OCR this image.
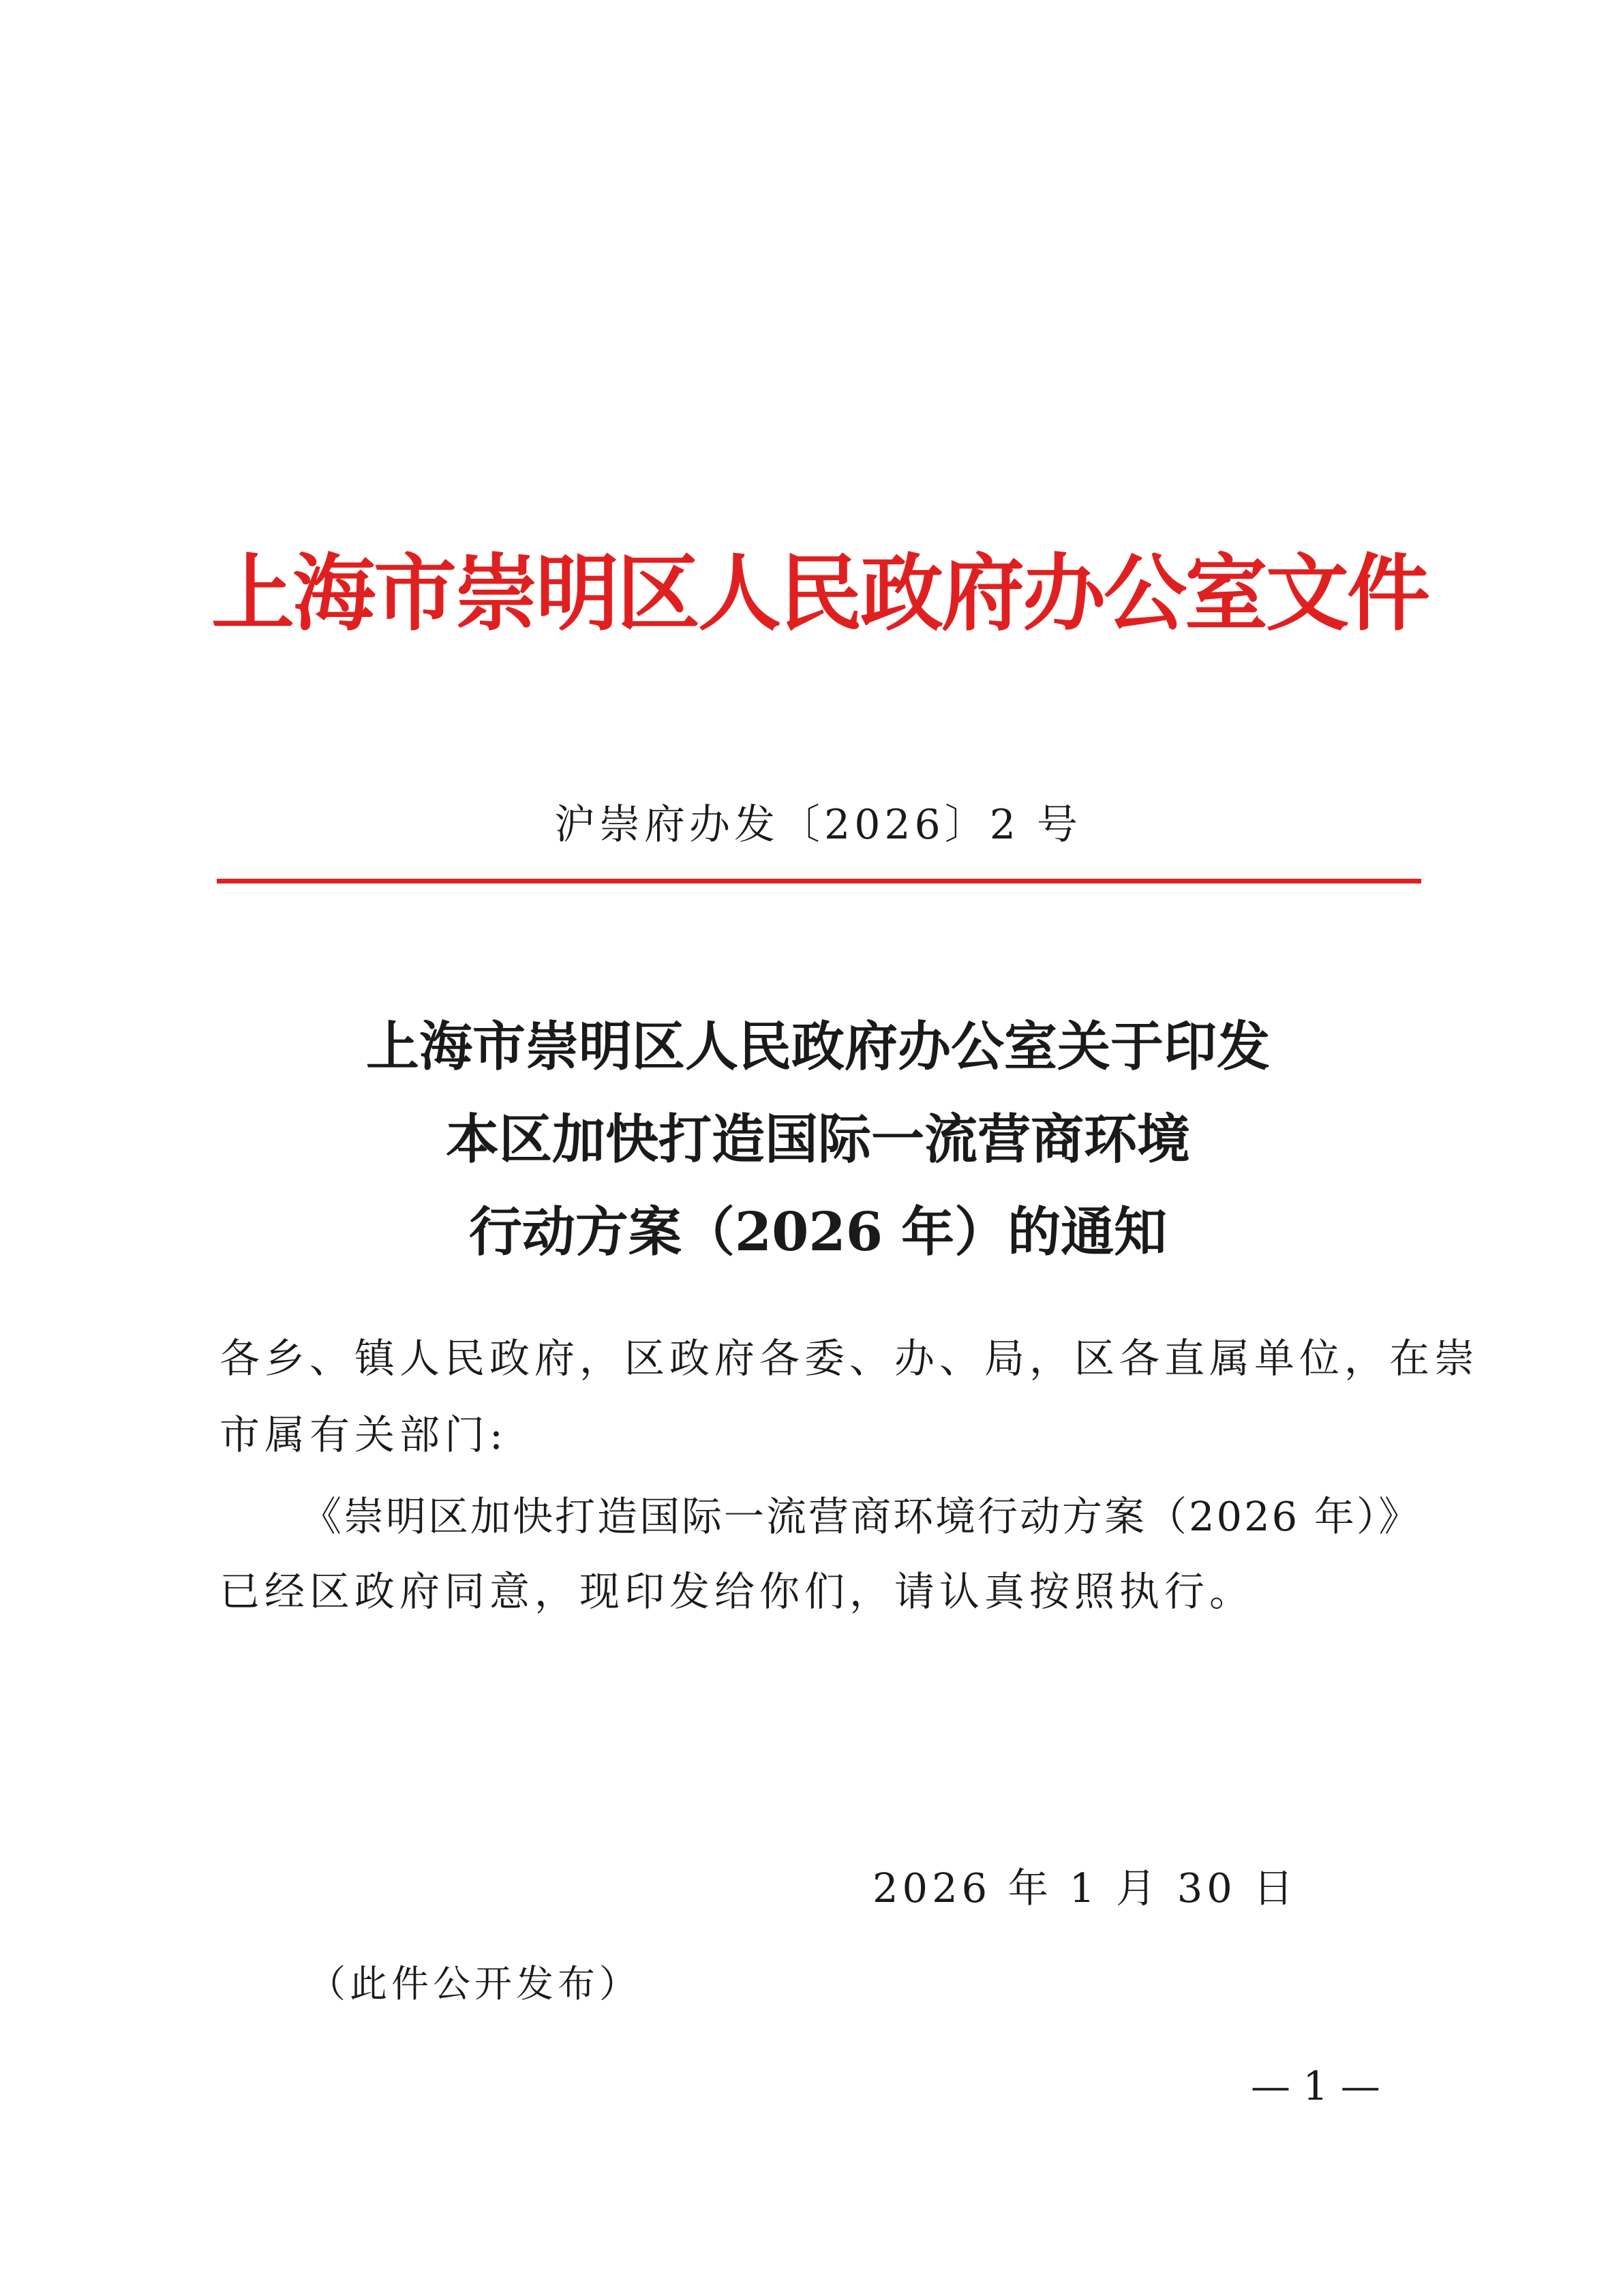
上海市崇明区人民政府办公室文件
沪崇府办发〔2026〕2 号
上海市崇明区人民政府办公室关于印发
本区加快打造国际一流营商环境
行动方案（2026 年）的通知
各乡、镇人民政府，区政府各委、办、局，区各直属单位，在崇
市属有关部门:
《崇明区加快打造国际一流营商环境行动方案（2026 年）》
已经区政府同意，现印发给你们，请认真按照执行。
2026 年 1 月 30 日
（此件公开发布）
— 1 —
